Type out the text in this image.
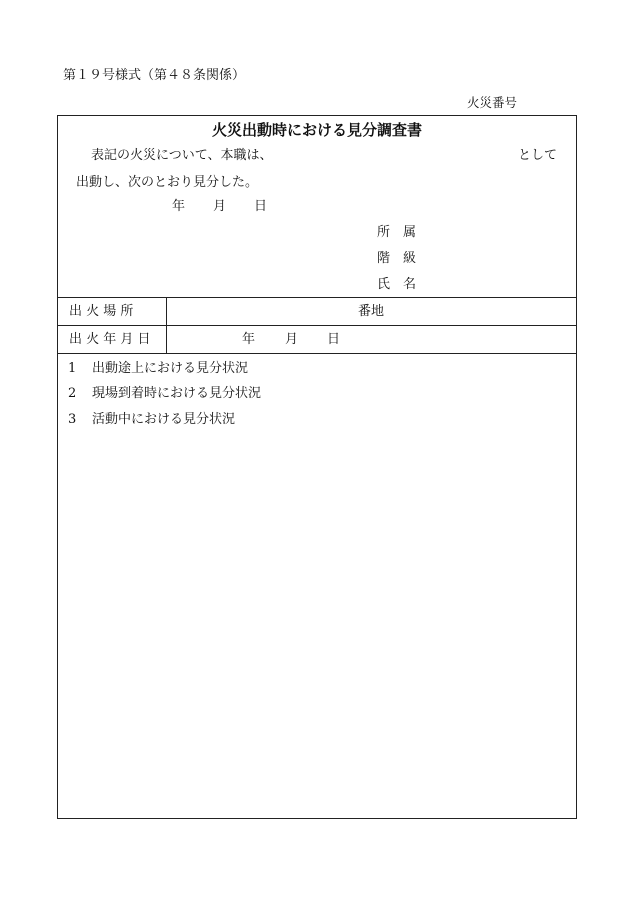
第１９号様式（第４８条関係）
火災番号
火災出動時における見分調査書
表記の火災について、本職は、	として
出動し、次のとおり見分した。
年 月 日
所　属
階　級
氏　名
出 火 場 所	番地
出 火 年 月 日	年 月 日
1 出動途上における見分状況
2 現場到着時における見分状況
3 活動中における見分状況
